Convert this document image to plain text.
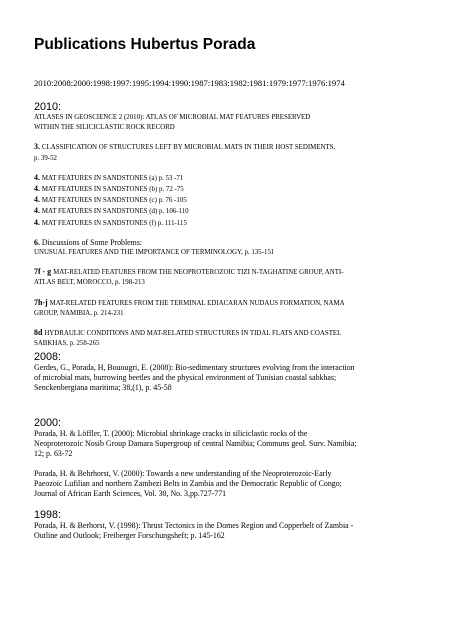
Publications Hubertus Porada
2010:2008:2000:1998:1997:1995:1994:1990:1987:1983:1982:1981:1979:1977:1976:1974
2010:
ATLASES IN GEOSCIENCE 2 (2010): ATLAS OF MICROBIAL MAT FEATURES PRESERVED
WITHIN THE SILICICLASTIC ROCK RECORD
3. CLASSIFICATION OF STRUCTURES LEFT BY MICROBIAL MATS IN THEIR HOST SEDIMENTS,
p. 39-52
4. MAT FEATURES IN SANDSTONES (a) p. 53 -71
4. MAT FEATURES IN SANDSTONES (b) p. 72 -75
4. MAT FEATURES IN SANDSTONES (c) p. 76 -105
4. MAT FEATURES IN SANDSTONES (d) p. 106-110
4. MAT FEATURES IN SANDSTONES (f) p. 111-115
6. Discussions of Some Problems:
UNUSUAL FEATURES AND THE IMPORTANCE OF TERMINOLOGY, p. 135-151
7f - g MAT-RELATED FEATURES FROM THE NEOPROTEROZOIC TIZI N-TAGHATINE GROUP, ANTI-
ATLAS BELT, MOROCCO, p. 198-213
7h-j MAT-RELATED FEATURES FROM THE TERMINAL EDIACARAN NUDAUS FORMATION, NAMA
GROUP, NAMIBIA, p. 214-231
8d HYDRAULIC CONDITIONS AND MAT-RELATED STRUCTURES IN TIDAL FLATS AND COASTEL
SABKHAS, p. 258-265
2008:
Gerdes, G., Porada, H, Bouougri, E. (2008): Bio-sedimentary structures evolving from the interaction
of microbial mats, burrowing beetles and the physical environment of Tunisian coastal sabkhas;
Senckenbergiana maritima; 38,(1), p. 45-58
2000:
Porada, H. & Löffler, T. (2000): Microbial shrinkage cracks in siliciclastic rocks of the
Neoproterozoic Nosib Group Damara Supergroup of central Namibia; Communs geol. Surv. Namibia;
12; p. 63-72
Porada, H. & Behrhorst, V. (2000): Towards a new understanding of the Neoproterozoic-Early
Paeozoic Lufilian and northern Zambezi Belts in Zambia and the Democratic Republic of Congo;
Journal of African Earth Sciences, Vol. 30, No. 3,pp.727-771
1998:
Porada, H. & Berhorst, V. (1998): Thrust Tectonics in the Domes Region and Copperbelt of Zambia -
Outline and Outlook; Freiberger Forschungsheft; p. 145-162
